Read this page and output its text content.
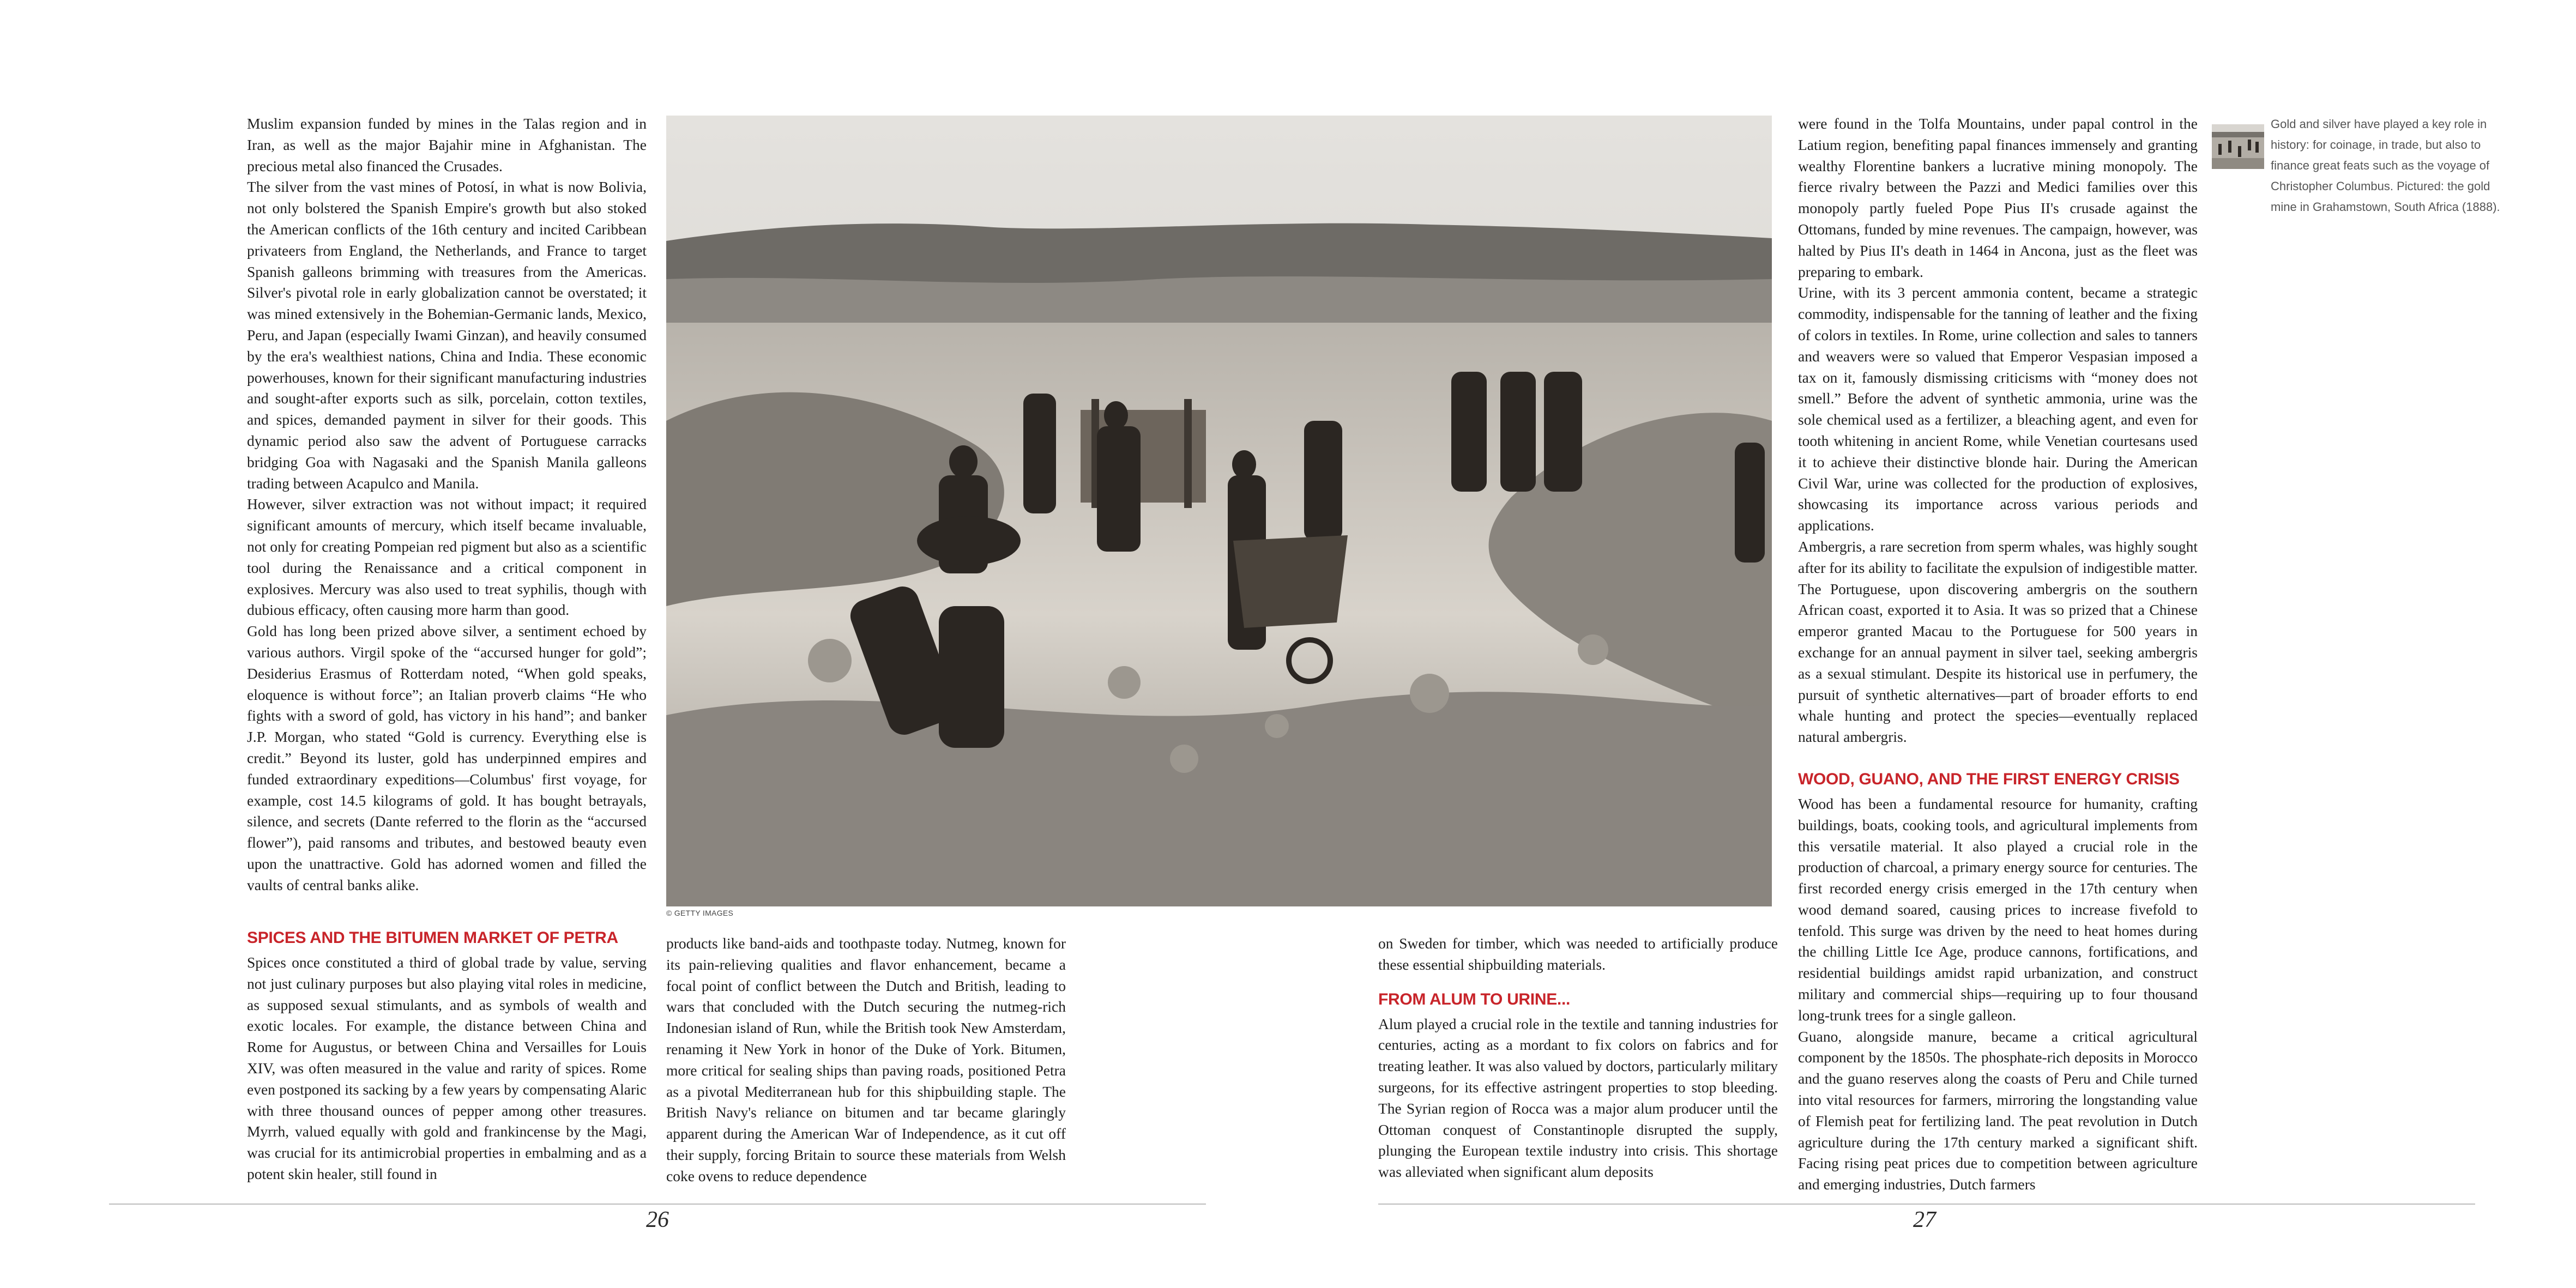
Muslim expansion funded by mines in the Talas region and in Iran, as well as the major Bajahir mine in Afghanistan. The precious metal also financed the Crusades.

The silver from the vast mines of Potosí, in what is now Bolivia, not only bolstered the Spanish Empire's growth but also stoked the American conflicts of the 16th century and incited Caribbean privateers from England, the Netherlands, and France to target Spanish galleons brimming with treasures from the Americas. Silver's pivotal role in early globalization cannot be overstated; it was mined extensively in the Bohemian-Germanic lands, Mexico, Peru, and Japan (especially Iwami Ginzan), and heavily consumed by the era's wealthiest nations, China and India. These economic powerhouses, known for their significant manufacturing industries and sought-after exports such as silk, porcelain, cotton textiles, and spices, demanded payment in silver for their goods. This dynamic period also saw the advent of Portuguese carracks bridging Goa with Nagasaki and the Spanish Manila galleons trading between Acapulco and Manila.

However, silver extraction was not without impact; it required significant amounts of mercury, which itself became invaluable, not only for creating Pompeian red pigment but also as a scientific tool during the Renaissance and a critical component in explosives. Mercury was also used to treat syphilis, though with dubious efficacy, often causing more harm than good.

Gold has long been prized above silver, a sentiment echoed by various authors. Virgil spoke of the “accursed hunger for gold”; Desiderius Erasmus of Rotterdam noted, “When gold speaks, eloquence is without force”; an Italian proverb claims “He who fights with a sword of gold, has victory in his hand”; and banker J.P. Morgan, who stated “Gold is currency. Everything else is credit.” Beyond its luster, gold has underpinned empires and funded extraordinary expeditions—Columbus' first voyage, for example, cost 14.5 kilograms of gold. It has bought betrayals, silence, and secrets (Dante referred to the florin as the “accursed flower”), paid ransoms and tributes, and bestowed beauty even upon the unattractive. Gold has adorned women and filled the vaults of central banks alike.

© GETTY IMAGES

SPICES AND THE BITUMEN MARKET OF PETRA

Spices once constituted a third of global trade by value, serving not just culinary purposes but also playing vital roles in medicine, as supposed sexual stimulants, and as symbols of wealth and exotic locales. For example, the distance between China and Rome for Augustus, or between China and Versailles for Louis XIV, was often measured in the value and rarity of spices. Rome even postponed its sacking by a few years by compensating Alaric with three thousand ounces of pepper among other treasures. Myrrh, valued equally with gold and frankincense by the Magi, was crucial for its antimicrobial properties in embalming and as a potent skin healer, still found in

products like band-aids and toothpaste today. Nutmeg, known for its pain-relieving qualities and flavor enhancement, became a focal point of conflict between the Dutch and British, leading to wars that concluded with the Dutch securing the nutmeg-rich Indonesian island of Run, while the British took New Amsterdam, renaming it New York in honor of the Duke of York. Bitumen, more critical for sealing ships than paving roads, positioned Petra as a pivotal Mediterranean hub for this shipbuilding staple. The British Navy's reliance on bitumen and tar became glaringly apparent during the American War of Independence, as it cut off their supply, forcing Britain to source these materials from Welsh coke ovens to reduce dependence

26

on Sweden for timber, which was needed to artificially produce these essential shipbuilding materials.

FROM ALUM TO URINE...

Alum played a crucial role in the textile and tanning industries for centuries, acting as a mordant to fix colors on fabrics and for treating leather. It was also valued by doctors, particularly military surgeons, for its effective astringent properties to stop bleeding. The Syrian region of Rocca was a major alum producer until the Ottoman conquest of Constantinople disrupted the supply, plunging the European textile industry into crisis. This shortage was alleviated when significant alum deposits

were found in the Tolfa Mountains, under papal control in the Latium region, benefiting papal finances immensely and granting wealthy Florentine bankers a lucrative mining monopoly. The fierce rivalry between the Pazzi and Medici families over this monopoly partly fueled Pope Pius II's crusade against the Ottomans, funded by mine revenues. The campaign, however, was halted by Pius II's death in 1464 in Ancona, just as the fleet was preparing to embark.

Urine, with its 3 percent ammonia content, became a strategic commodity, indispensable for the tanning of leather and the fixing of colors in textiles. In Rome, urine collection and sales to tanners and weavers were so valued that Emperor Vespasian imposed a tax on it, famously dismissing criticisms with “money does not smell.” Before the advent of synthetic ammonia, urine was the sole chemical used as a fertilizer, a bleaching agent, and even for tooth whitening in ancient Rome, while Venetian courtesans used it to achieve their distinctive blonde hair. During the American Civil War, urine was collected for the production of explosives, showcasing its importance across various periods and applications.

Ambergris, a rare secretion from sperm whales, was highly sought after for its ability to facilitate the expulsion of indigestible matter. The Portuguese, upon discovering ambergris on the southern African coast, exported it to Asia. It was so prized that a Chinese emperor granted Macau to the Portuguese for 500 years in exchange for an annual payment in silver tael, seeking ambergris as a sexual stimulant. Despite its historical use in perfumery, the pursuit of synthetic alternatives—part of broader efforts to end whale hunting and protect the species—eventually replaced natural ambergris.

WOOD, GUANO, AND THE FIRST ENERGY CRISIS

Wood has been a fundamental resource for humanity, crafting buildings, boats, cooking tools, and agricultural implements from this versatile material. It also played a crucial role in the production of charcoal, a primary energy source for centuries. The first recorded energy crisis emerged in the 17th century when wood demand soared, causing prices to increase fivefold to tenfold. This surge was driven by the need to heat homes during the chilling Little Ice Age, produce cannons, fortifications, and residential buildings amidst rapid urbanization, and construct military and commercial ships—requiring up to four thousand long-trunk trees for a single galleon.

Guano, alongside manure, became a critical agricultural component by the 1850s. The phosphate-rich deposits in Morocco and the guano reserves along the coasts of Peru and Chile turned into vital resources for farmers, mirroring the longstanding value of Flemish peat for fertilizing land. The peat revolution in Dutch agriculture during the 17th century marked a significant shift. Facing rising peat prices due to competition between agriculture and emerging industries, Dutch farmers

Gold and silver have played a key role in history: for coinage, in trade, but also to finance great feats such as the voyage of Christopher Columbus. Pictured: the gold mine in Grahamstown, South Africa (1888).
27
